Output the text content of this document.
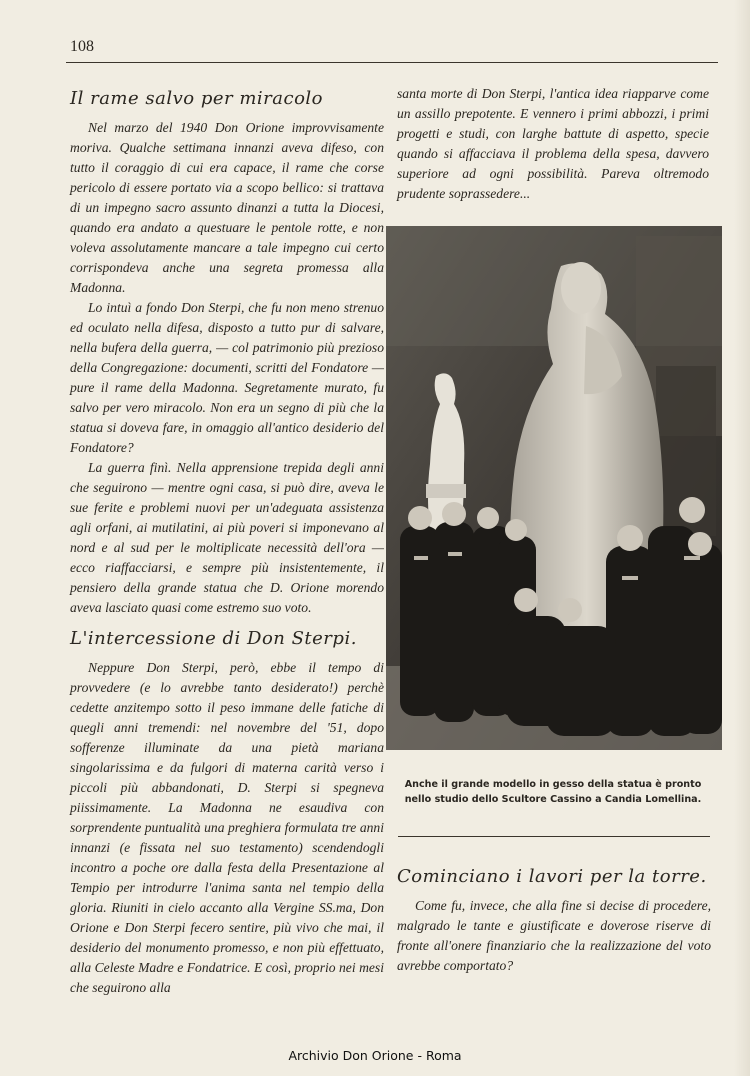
108
Il rame salvo per miracolo

Nel marzo del 1940 Don Orione improvvisamente moriva. Qualche settimana innanzi aveva difeso, con tutto il coraggio di cui era capace, il rame che corse pericolo di essere portato via a scopo bellico: si trattava di un impegno sacro assunto dinanzi a tutta la Diocesi, quando era andato a questuare le pentole rotte, e non voleva assolutamente mancare a tale impegno cui certo corrispondeva anche una segreta promessa alla Madonna.

Lo intuì a fondo Don Sterpi, che fu non meno strenuo ed oculato nella difesa, disposto a tutto pur di salvare, nella bufera della guerra, — col patrimonio più prezioso della Congregazione: documenti, scritti del Fondatore — pure il rame della Madonna. Segretamente murato, fu salvo per vero miracolo. Non era un segno di più che la statua si doveva fare, in omaggio all'antico desiderio del Fondatore?

La guerra finì. Nella apprensione trepida degli anni che seguirono — mentre ogni casa, si può dire, aveva le sue ferite e problemi nuovi per un'adeguata assistenza agli orfani, ai mutilatini, ai più poveri si imponevano al nord e al sud per le moltiplicate necessità dell'ora — ecco riaffacciarsi, e sempre più insistentemente, il pensiero della grande statua che D. Orione morendo aveva lasciato quasi come estremo suo voto.

L'intercessione di Don Sterpi.

Neppure Don Sterpi, però, ebbe il tempo di provvedere (e lo avrebbe tanto desiderato!) perchè cedette anzitempo sotto il peso immane delle fatiche di quegli anni tremendi: nel novembre del '51, dopo sofferenze illuminate da una pietà mariana singolarissima e da fulgori di materna carità verso i piccoli più abbandonati, D. Sterpi si spegneva piissimamente. La Madonna ne esaudiva con sorprendente puntualità una preghiera formulata tre anni innanzi (e fissata nel suo testamento) scendendogli incontro a poche ore dalla festa della Presentazione al Tempio per introdurre l'anima santa nel tempio della gloria. Riuniti in cielo accanto alla Vergine SS.ma, Don Orione e Don Sterpi fecero sentire, più vivo che mai, il desiderio del monumento promesso, e non più effettuato, alla Celeste Madre e Fondatrice. E così, proprio nei mesi che seguirono alla

santa morte di Don Sterpi, l'antica idea riapparve come un assillo prepotente. E vennero i primi abbozzi, i primi progetti e studi, con larghe battute di aspetto, specie quando si affacciava il problema della spesa, davvero superiore ad ogni possibilità. Pareva oltremodo prudente soprassedere...

Anche il grande modello in gesso della statua è pronto nello studio dello Scultore Cassino a Candia Lomellina.
Cominciano i lavori per la torre.

Come fu, invece, che alla fine si decise di procedere, malgrado le tante e giustificate e doverose riserve di fronte all'onere finanziario che la realizzazione del voto avrebbe comportato?

Archivio Don Orione - Roma
